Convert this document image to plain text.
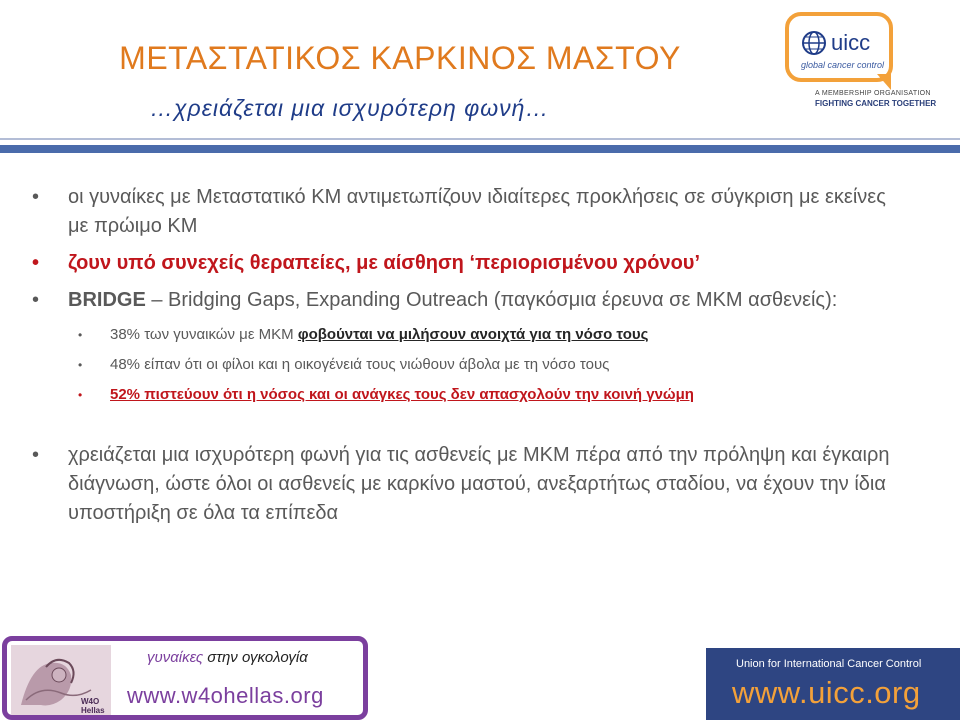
ΜΕΤΑΣΤΑΤΙΚΟΣ ΚΑΡΚΙΝΟΣ ΜΑΣΤΟΥ
…χρειάζεται μια ισχυρότερη φωνή…
uicc
global cancer control
A MEMBERSHIP ORGANISATION
FIGHTING CANCER TOGETHER
• οι γυναίκες με Μεταστατικό ΚΜ αντιμετωπίζουν ιδιαίτερες προκλήσεις σε σύγκριση με εκείνες με πρώιμο ΚΜ
• ζουν υπό συνεχείς θεραπείες, με αίσθηση ‘περιορισμένου χρόνου’
• BRIDGE – Bridging Gaps, Expanding Outreach (παγκόσμια έρευνα σε ΜΚΜ ασθενείς):
• 38% των γυναικών με ΜΚΜ φοβούνται να μιλήσουν ανοιχτά για τη νόσο τους
• 48% είπαν ότι οι φίλοι και η οικογένειά τους νιώθουν άβολα με τη νόσο τους
• 52% πιστεύουν ότι η νόσος και οι ανάγκες τους δεν απασχολούν την κοινή γνώμη
• χρειάζεται μια ισχυρότερη φωνή για τις ασθενείς με ΜΚΜ πέρα από την πρόληψη και έγκαιρη διάγνωση, ώστε όλοι οι ασθενείς με καρκίνο μαστού, ανεξαρτήτως σταδίου, να έχουν την ίδια υποστήριξη σε όλα τα επίπεδα
W4O Hellas
γυναίκες στην ογκολογία
www.w4ohellas.org
Union for International Cancer Control
www.uicc.org
